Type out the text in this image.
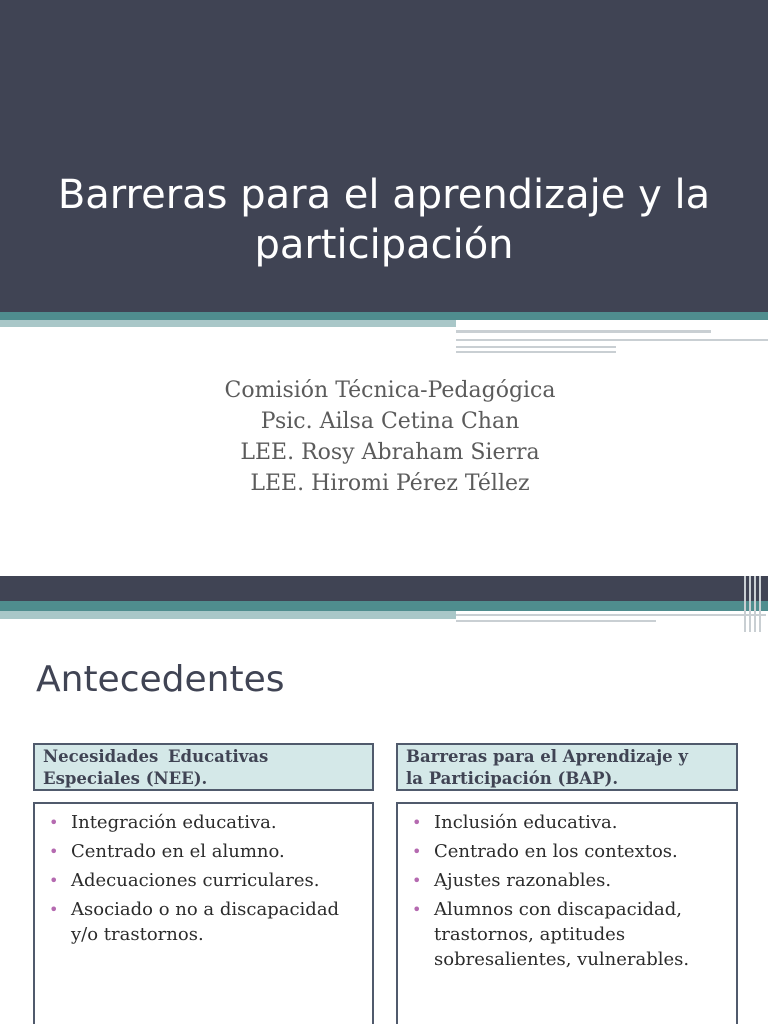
Barreras para el aprendizaje y la
participación
Comisión Técnica-Pedagógica
Psic. Ailsa Cetina Chan
LEE. Rosy Abraham Sierra
LEE. Hiromi Pérez Téllez
Antecedentes
Necesidades Educativas
Especiales (NEE).
• Integración educativa.
• Centrado en el alumno.
• Adecuaciones curriculares.
• Asociado o no a discapacidad y/o trastornos.
Barreras para el Aprendizaje y
la Participación (BAP).
• Inclusión educativa.
• Centrado en los contextos.
• Ajustes razonables.
• Alumnos con discapacidad, trastornos, aptitudes sobresalientes, vulnerables.
